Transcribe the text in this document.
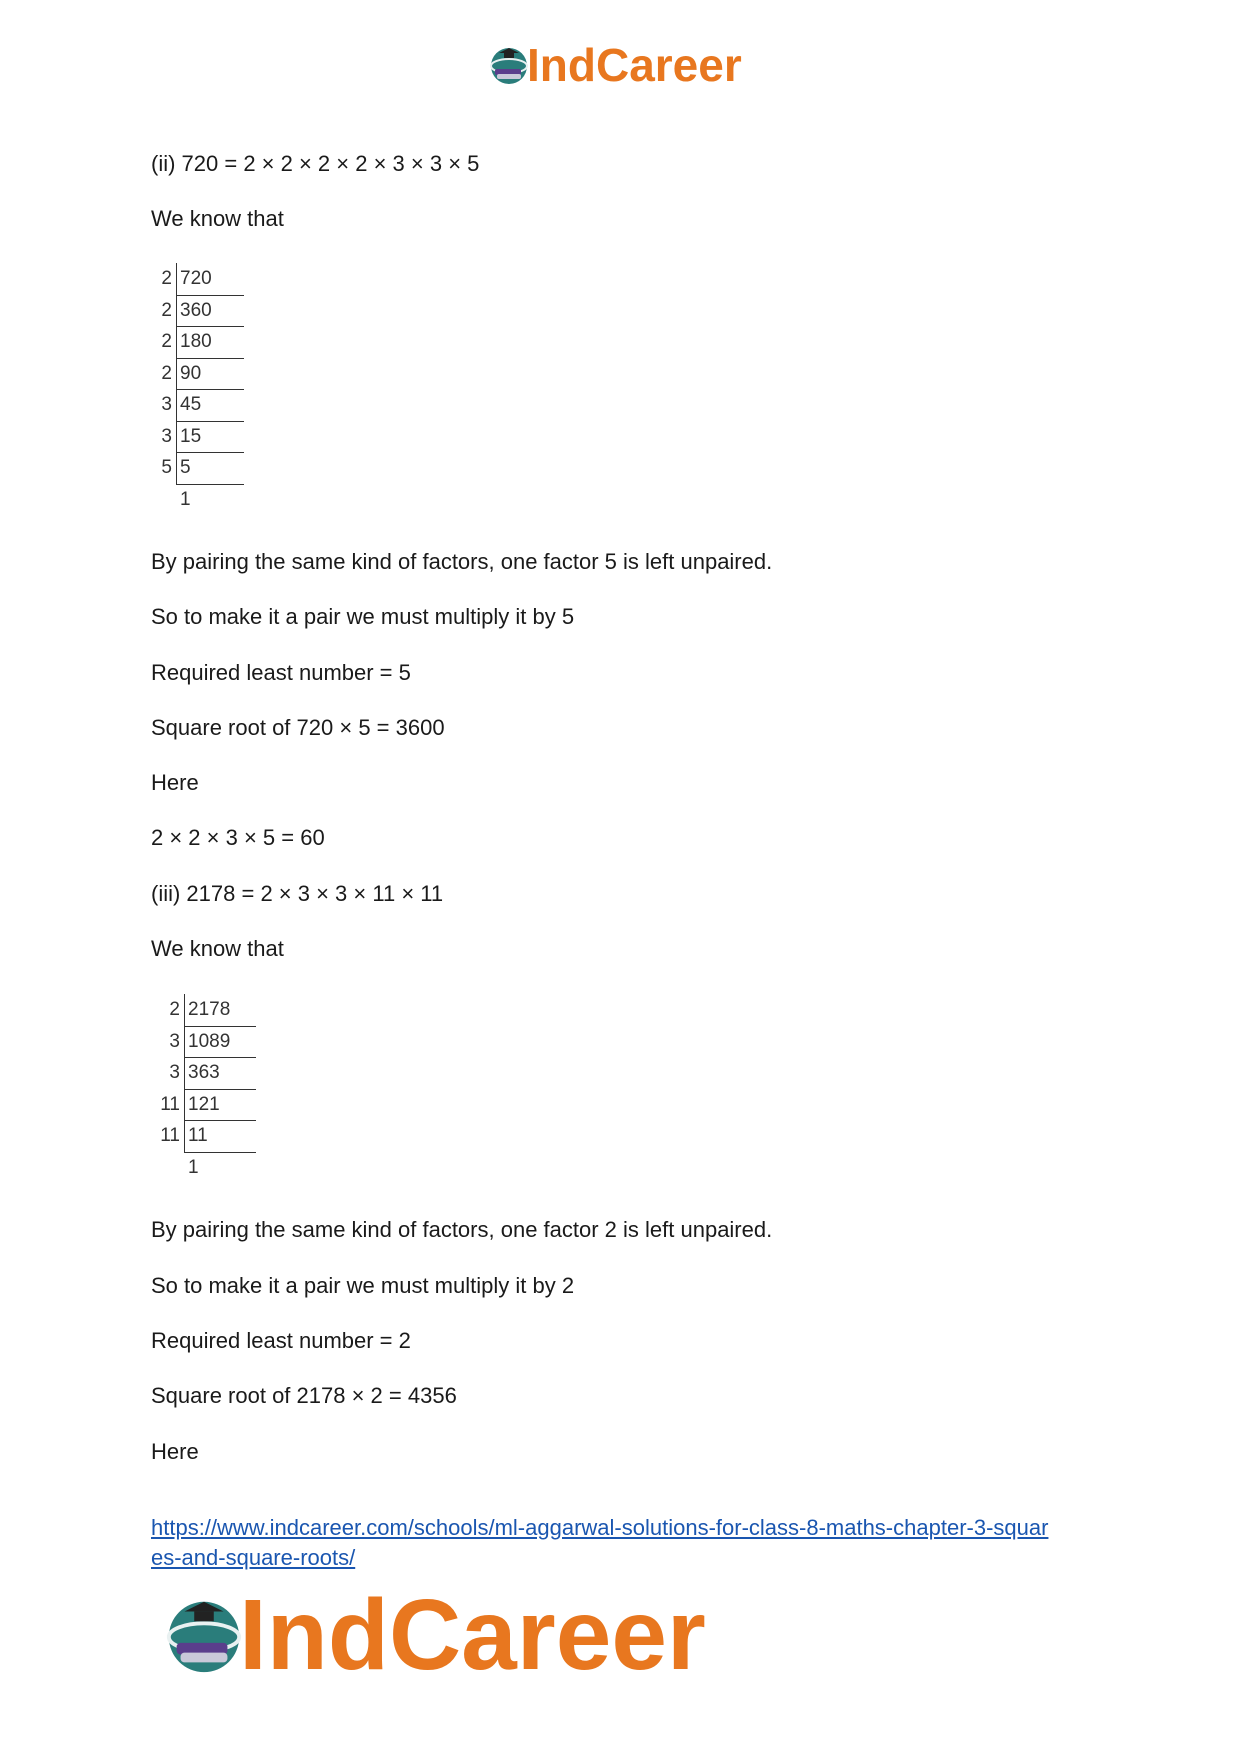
IndCareer
(ii) 720 = 2 × 2 × 2 × 2 × 3 × 3 × 5
We know that
2 720
2 360
2 180
2 90
3 45
3 15
5 5
1
By pairing the same kind of factors, one factor 5 is left unpaired.
So to make it a pair we must multiply it by 5
Required least number = 5
Square root of 720 × 5 = 3600
Here
2 × 2 × 3 × 5 = 60
(iii) 2178 = 2 × 3 × 3 × 11 × 11
We know that
2 2178
3 1089
3 363
11 121
11 11
1
By pairing the same kind of factors, one factor 2 is left unpaired.
So to make it a pair we must multiply it by 2
Required least number = 2
Square root of 2178 × 2 = 4356
Here
https://www.indcareer.com/schools/ml-aggarwal-solutions-for-class-8-maths-chapter-3-squar
es-and-square-roots/
IndCareer
